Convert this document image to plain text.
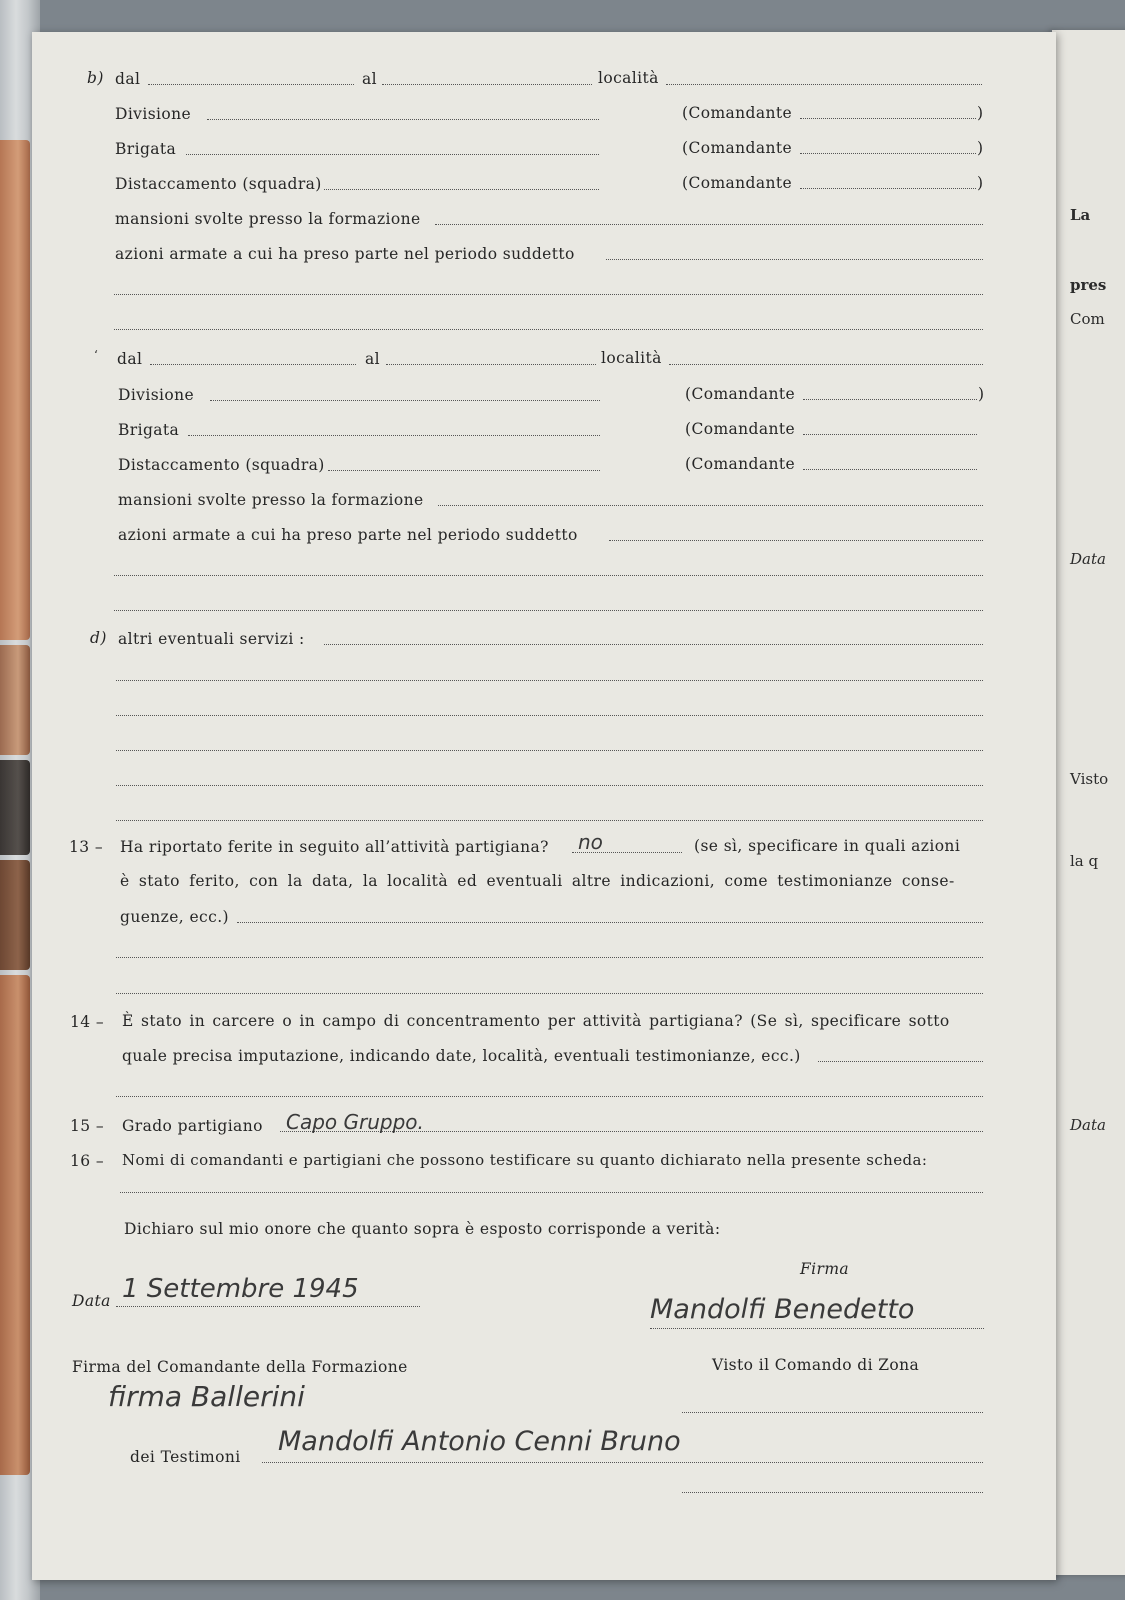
La
pres
Com
Data
Visto
la q
Data
b) dal	al	località
Divisione	(Comandante	)
Brigata	(Comandante	)
Distaccamento (squadra)	(Comandante	)
mansioni svolte presso la formazione
azioni armate a cui ha preso parte nel periodo suddetto
‘ dal	al	località
Divisione	(Comandante	)
Brigata	(Comandante
Distaccamento (squadra)	(Comandante
mansioni svolte presso la formazione
azioni armate a cui ha preso parte nel periodo suddetto
d) altri eventuali servizi :
13 – Ha riportato ferite in seguito all’attività partigiana? no	(se sì, specificare in quali azioni
è stato ferito, con la data, la località ed eventuali altre indicazioni, come testimonianze conse-
guenze, ecc.)
14 – È stato in carcere o in campo di concentramento per attività partigiana? (Se sì, specificare sotto
quale precisa imputazione, indicando date, località, eventuali testimonianze, ecc.)
15 – Grado partigiano Capo Gruppo.
16 – Nomi di comandanti e partigiani che possono testificare su quanto dichiarato nella presente scheda:
Dichiaro sul mio onore che quanto sopra è esposto corrisponde a verità:
Firma
Data 1 Settembre 1945
Mandolfi Benedetto
Firma del Comandante della Formazione	Visto il Comando di Zona
firma Ballerini
dei Testimoni Mandolfi Antonio Cenni Bruno
